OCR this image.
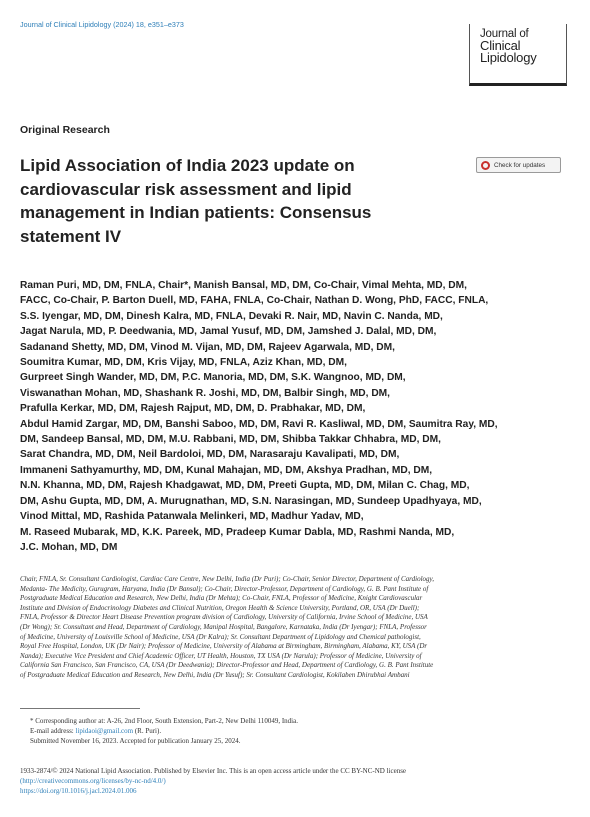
Journal of Clinical Lipidology (2024) 18, e351–e373
Journal of
Clinical
Lipidology
Original Research
Lipid Association of India 2023 update on
cardiovascular risk assessment and lipid
management in Indian patients: Consensus
statement IV
Check for updates
Raman Puri, MD, DM, FNLA, Chair*, Manish Bansal, MD, DM, Co-Chair, Vimal Mehta, MD, DM,
FACC, Co-Chair, P. Barton Duell, MD, FAHA, FNLA, Co-Chair, Nathan D. Wong, PhD, FACC, FNLA,
S.S. Iyengar, MD, DM, Dinesh Kalra, MD, FNLA, Devaki R. Nair, MD, Navin C. Nanda, MD,
Jagat Narula, MD, P. Deedwania, MD, Jamal Yusuf, MD, DM, Jamshed J. Dalal, MD, DM,
Sadanand Shetty, MD, DM, Vinod M. Vijan, MD, DM, Rajeev Agarwala, MD, DM,
Soumitra Kumar, MD, DM, Kris Vijay, MD, FNLA, Aziz Khan, MD, DM,
Gurpreet Singh Wander, MD, DM, P.C. Manoria, MD, DM, S.K. Wangnoo, MD, DM,
Viswanathan Mohan, MD, Shashank R. Joshi, MD, DM, Balbir Singh, MD, DM,
Prafulla Kerkar, MD, DM, Rajesh Rajput, MD, DM, D. Prabhakar, MD, DM,
Abdul Hamid Zargar, MD, DM, Banshi Saboo, MD, DM, Ravi R. Kasliwal, MD, DM, Saumitra Ray, MD,
DM, Sandeep Bansal, MD, DM, M.U. Rabbani, MD, DM, Shibba Takkar Chhabra, MD, DM,
Sarat Chandra, MD, DM, Neil Bardoloi, MD, DM, Narasaraju Kavalipati, MD, DM,
Immaneni Sathyamurthy, MD, DM, Kunal Mahajan, MD, DM, Akshya Pradhan, MD, DM,
N.N. Khanna, MD, DM, Rajesh Khadgawat, MD, DM, Preeti Gupta, MD, DM, Milan C. Chag, MD,
DM, Ashu Gupta, MD, DM, A. Murugnathan, MD, S.N. Narasingan, MD, Sundeep Upadhyaya, MD,
Vinod Mittal, MD, Rashida Patanwala Melinkeri, MD, Madhur Yadav, MD,
M. Raseed Mubarak, MD, K.K. Pareek, MD, Pradeep Kumar Dabla, MD, Rashmi Nanda, MD,
J.C. Mohan, MD, DM
Chair, FNLA, Sr. Consultant Cardiologist, Cardiac Care Centre, New Delhi, India (Dr Puri); Co-Chair, Senior Director, Department of Cardiology,
Medanta- The Medicity, Gurugram, Haryana, India (Dr Bansal); Co-Chair, Director-Professor, Department of Cardiology, G. B. Pant Institute of
Postgraduate Medical Education and Research, New Delhi, India (Dr Mehta); Co-Chair, FNLA, Professor of Medicine, Knight Cardiovascular
Institute and Division of Endocrinology Diabetes and Clinical Nutrition, Oregon Health & Science University, Portland, OR, USA (Dr Duell);
FNLA, Professor & Director Heart Disease Prevention program division of Cardiology, University of California, Irvine School of Medicine, USA
(Dr Wong); Sr. Consultant and Head, Department of Cardiology, Manipal Hospital, Bangalore, Karnataka, India (Dr Iyengar); FNLA, Professor
of Medicine, University of Louisville School of Medicine, USA (Dr Kalra); Sr. Consultant Department of Lipidology and Chemical pathologist,
Royal Free Hospital, London, UK (Dr Nair); Professor of Medicine, University of Alabama at Birmingham, Birmingham, Alabama, KY, USA (Dr
Nanda); Executive Vice President and Chief Academic Officer, UT Health, Houston, TX USA (Dr Narula); Professor of Medicine, University of
California San Francisco, San Francisco, CA, USA (Dr Deedwania); Director-Professor and Head, Department of Cardiology, G. B. Pant Institute
of Postgraduate Medical Education and Research, New Delhi, India (Dr Yusuf); Sr. Consultant Cardiologist, Kokilaben Dhirubhai Ambani
* Corresponding author at: A-26, 2nd Floor, South Extension, Part-2, New Delhi 110049, India.
E-mail address: lipidaoi@gmail.com (R. Puri).
Submitted November 16, 2023. Accepted for publication January 25, 2024.
1933-2874/© 2024 National Lipid Association. Published by Elsevier Inc. This is an open access article under the CC BY-NC-ND license
(http://creativecommons.org/licenses/by-nc-nd/4.0/)
https://doi.org/10.1016/j.jacl.2024.01.006
